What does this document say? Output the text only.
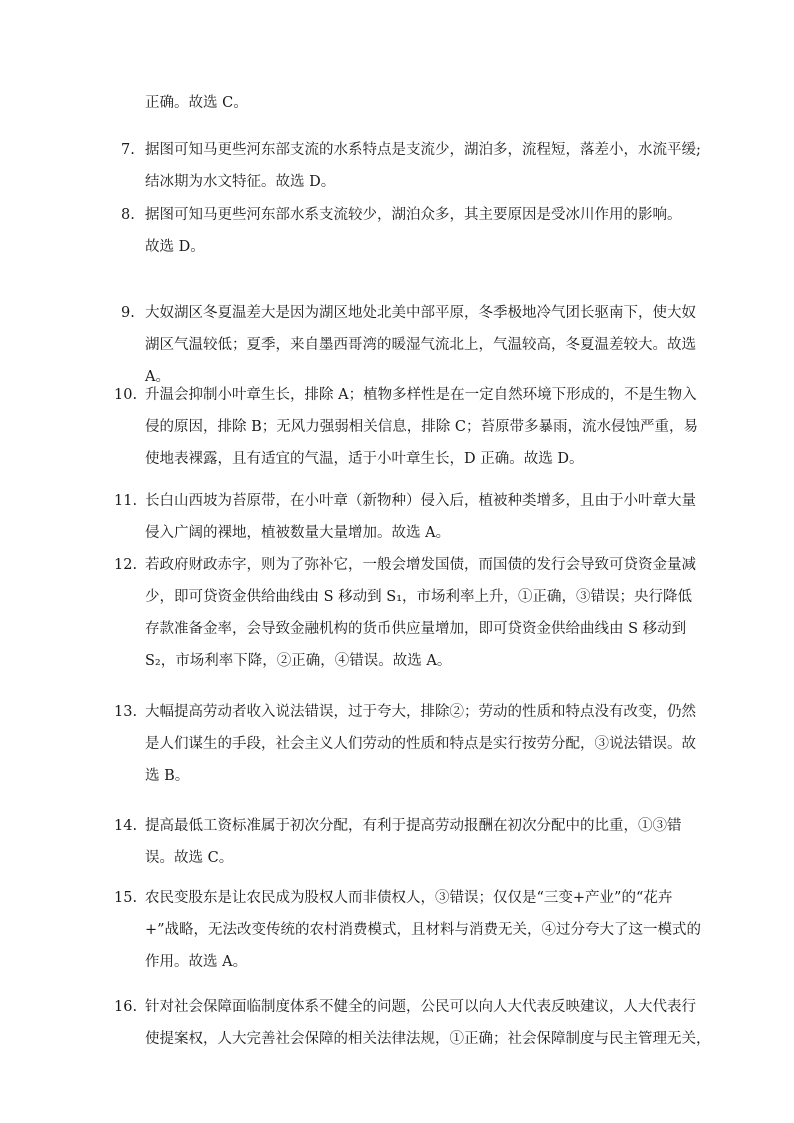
正确。故选 C。
7. 据图可知马更些河东部支流的水系特点是支流少，湖泊多，流程短，落差小，水流平缓;
结冰期为水文特征。故选 D。
8. 据图可知马更些河东部水系支流较少，湖泊众多，其主要原因是受冰川作用的影响。
故选 D。
9. 大奴湖区冬夏温差大是因为湖区地处北美中部平原，冬季极地冷气团长驱南下，使大奴
湖区气温较低；夏季，来自墨西哥湾的暖湿气流北上，气温较高，冬夏温差较大。故选
A。
10. 升温会抑制小叶章生长，排除 A；植物多样性是在一定自然环境下形成的，不是生物入
侵的原因，排除 B；无风力强弱相关信息，排除 C；苔原带多暴雨，流水侵蚀严重，易
使地表裸露，且有适宜的气温，适于小叶章生长，D 正确。故选 D。
11. 长白山西坡为苔原带，在小叶章（新物种）侵入后，植被种类增多，且由于小叶章大量
侵入广阔的裸地，植被数量大量增加。故选 A。
12. 若政府财政赤字，则为了弥补它，一般会增发国债，而国债的发行会导致可贷资金量减
少，即可贷资金供给曲线由 S 移动到 S₁，市场利率上升，①正确，③错误；央行降低
存款准备金率，会导致金融机构的货币供应量增加，即可贷资金供给曲线由 S 移动到
S₂，市场利率下降，②正确，④错误。故选 A。
13. 大幅提高劳动者收入说法错误，过于夸大，排除②；劳动的性质和特点没有改变，仍然
是人们谋生的手段，社会主义人们劳动的性质和特点是实行按劳分配，③说法错误。故
选 B。
14. 提高最低工资标准属于初次分配，有利于提高劳动报酬在初次分配中的比重，①③错
误。故选 C。
15. 农民变股东是让农民成为股权人而非债权人，③错误；仅仅是“三变+产业”的“花卉
+”战略，无法改变传统的农村消费模式，且材料与消费无关，④过分夸大了这一模式的
作用。故选 A。
16. 针对社会保障面临制度体系不健全的问题，公民可以向人大代表反映建议，人大代表行
使提案权，人大完善社会保障的相关法律法规，①正确；社会保障制度与民主管理无关，
